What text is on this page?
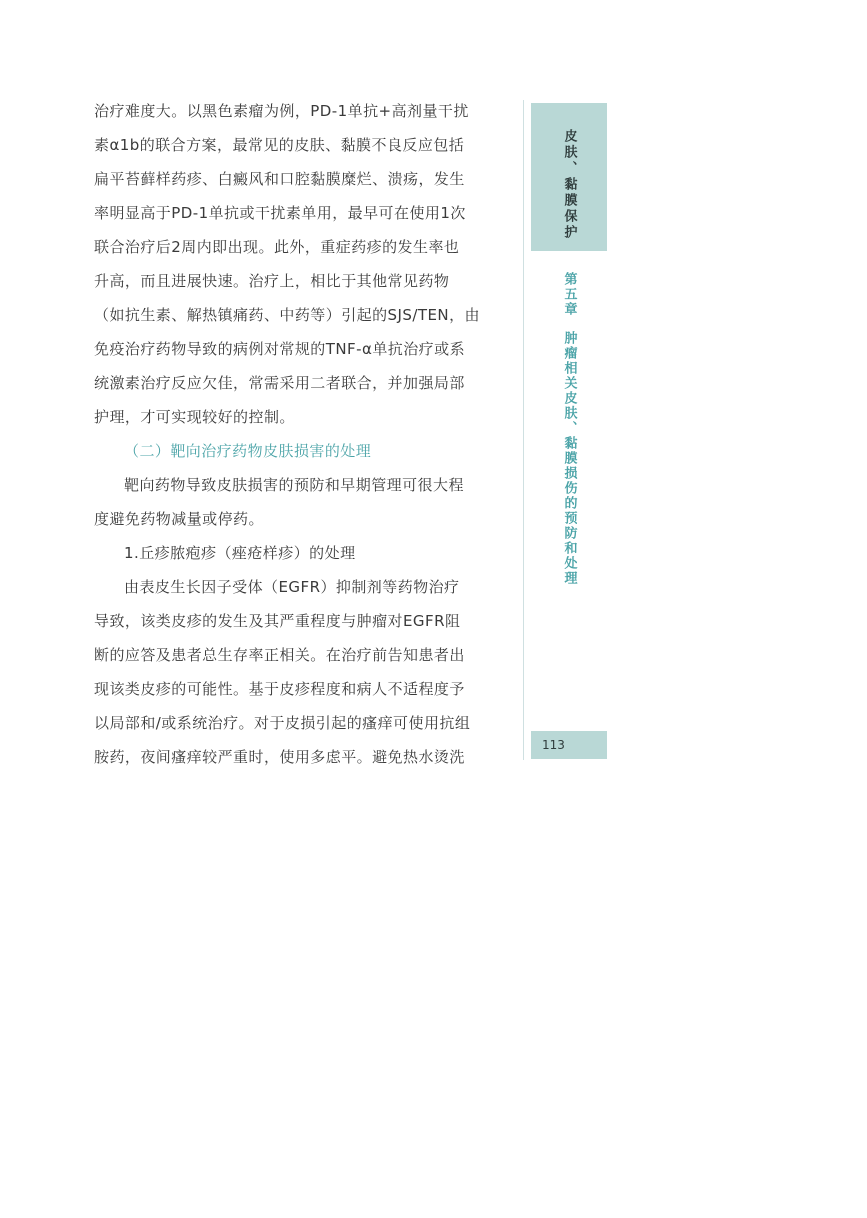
治疗难度大。以黑色素瘤为例，PD-1单抗+高剂量干扰
素α1b的联合方案，最常见的皮肤、黏膜不良反应包括
扁平苔藓样药疹、白癜风和口腔黏膜糜烂、溃疡，发生
率明显高于PD-1单抗或干扰素单用，最早可在使用1次
联合治疗后2周内即出现。此外，重症药疹的发生率也
升高，而且进展快速。治疗上，相比于其他常见药物
（如抗生素、解热镇痛药、中药等）引起的SJS/TEN，由
免疫治疗药物导致的病例对常规的TNF-α单抗治疗或系
统激素治疗反应欠佳，常需采用二者联合，并加强局部
护理，才可实现较好的控制。
（二）靶向治疗药物皮肤损害的处理
靶向药物导致皮肤损害的预防和早期管理可很大程
度避免药物减量或停药。
1.丘疹脓疱疹（痤疮样疹）的处理
由表皮生长因子受体（EGFR）抑制剂等药物治疗
导致，该类皮疹的发生及其严重程度与肿瘤对EGFR阻
断的应答及患者总生存率正相关。在治疗前告知患者出
现该类皮疹的可能性。基于皮疹程度和病人不适程度予
以局部和/或系统治疗。对于皮损引起的瘙痒可使用抗组
胺药，夜间瘙痒较严重时，使用多虑平。避免热水烫洗
皮肤、黏膜保护
第五章肿瘤相关皮肤、黏膜损伤的预防和处理
113
